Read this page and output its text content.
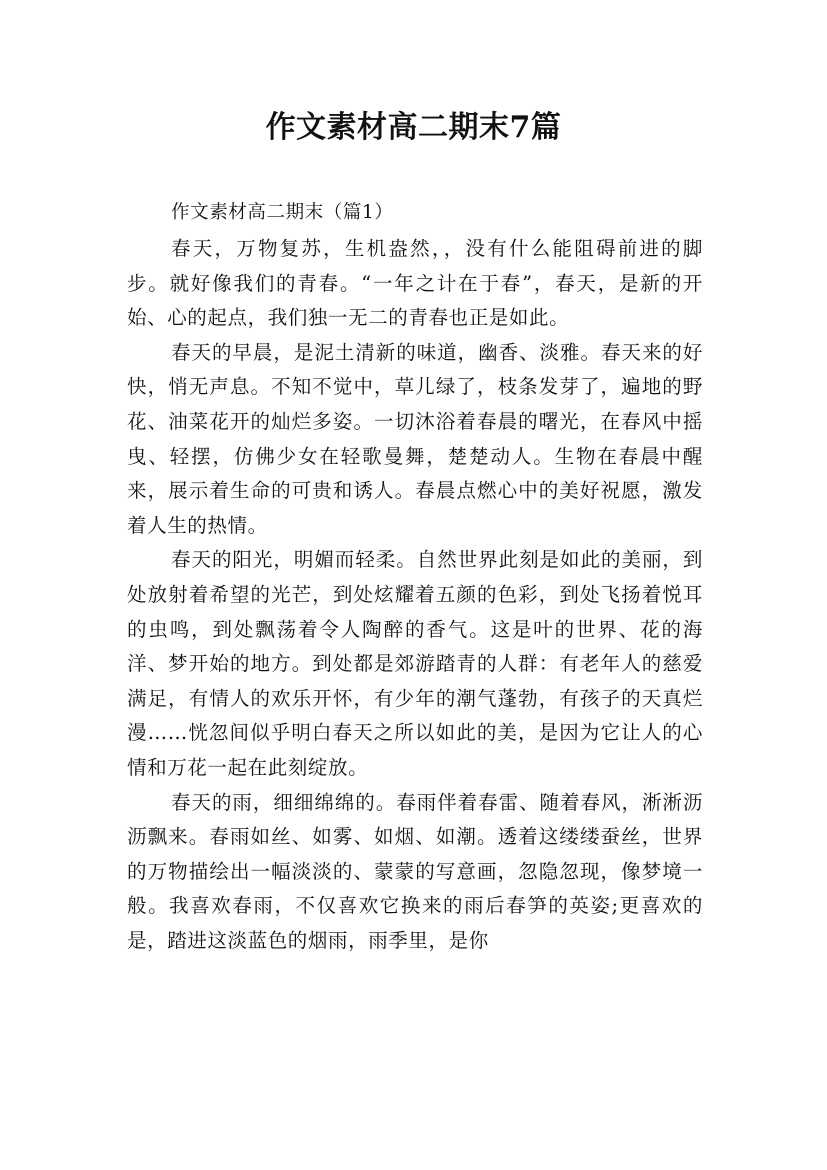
作文素材高二期末7篇

作文素材高二期末（篇1）

春天，万物复苏，生机盎然，，没有什么能阻碍前进的脚步。就好像我们的青春。“一年之计在于春”，春天，是新的开始、心的起点，我们独一无二的青春也正是如此。

春天的早晨，是泥土清新的味道，幽香、淡雅。春天来的好快，悄无声息。不知不觉中，草儿绿了，枝条发芽了，遍地的野花、油菜花开的灿烂多姿。一切沐浴着春晨的曙光，在春风中摇曳、轻摆，仿佛少女在轻歌曼舞，楚楚动人。生物在春晨中醒来，展示着生命的可贵和诱人。春晨点燃心中的美好祝愿，激发着人生的热情。

春天的阳光，明媚而轻柔。自然世界此刻是如此的美丽，到处放射着希望的光芒，到处炫耀着五颜的色彩，到处飞扬着悦耳的虫鸣，到处飘荡着令人陶醉的香气。这是叶的世界、花的海洋、梦开始的地方。到处都是郊游踏青的人群：有老年人的慈爱满足，有情人的欢乐开怀，有少年的潮气蓬勃，有孩子的天真烂漫……恍忽间似乎明白春天之所以如此的美，是因为它让人的心情和万花一起在此刻绽放。

春天的雨，细细绵绵的。春雨伴着春雷、随着春风，淅淅沥沥飘来。春雨如丝、如雾、如烟、如潮。透着这缕缕蚕丝，世界的万物描绘出一幅淡淡的、蒙蒙的写意画，忽隐忽现，像梦境一般。我喜欢春雨，不仅喜欢它换来的雨后春笋的英姿;更喜欢的是，踏进这淡蓝色的烟雨，雨季里，是你
